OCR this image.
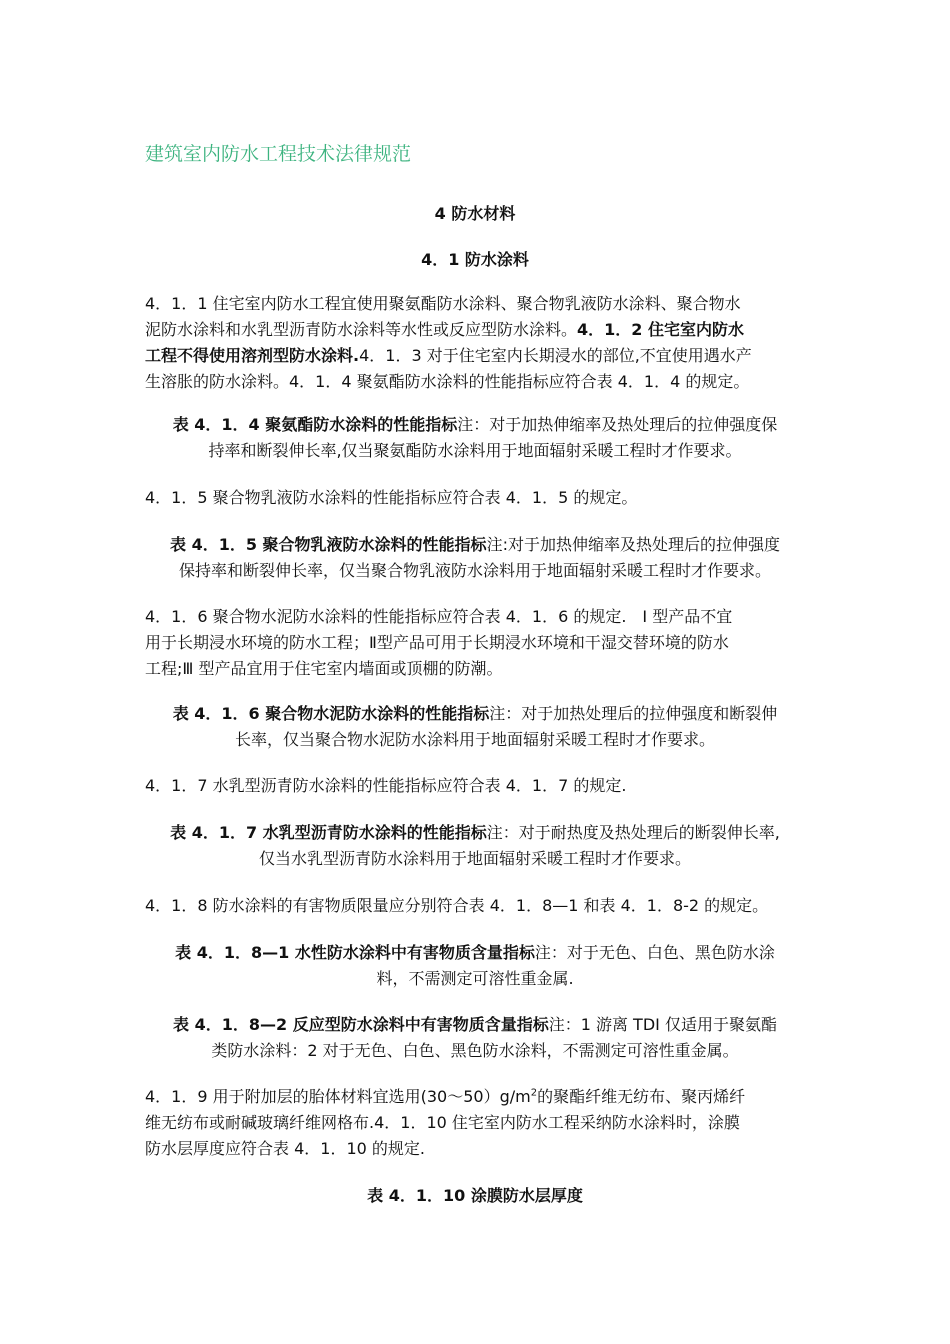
建筑室内防水工程技术法律规范
4 防水材料
4．1 防水涂料
4．1．1 住宅室内防水工程宜使用聚氨酯防水涂料、聚合物乳液防水涂料、聚合物水
泥防水涂料和水乳型沥青防水涂料等水性或反应型防水涂料。4．1．2 住宅室内防水
工程不得使用溶剂型防水涂料.4．1．3 对于住宅室内长期浸水的部位,不宜使用遇水产
生溶胀的防水涂料。4．1．4 聚氨酯防水涂料的性能指标应符合表 4．1．4 的规定。
表 4．1．4 聚氨酯防水涂料的性能指标注：对于加热伸缩率及热处理后的拉伸强度保
持率和断裂伸长率,仅当聚氨酯防水涂料用于地面辐射采暖工程时才作要求。
4．1．5 聚合物乳液防水涂料的性能指标应符合表 4．1．5 的规定。
表 4．1．5 聚合物乳液防水涂料的性能指标注:对于加热伸缩率及热处理后的拉伸强度
保持率和断裂伸长率，仅当聚合物乳液防水涂料用于地面辐射采暖工程时才作要求。
4．1．6 聚合物水泥防水涂料的性能指标应符合表 4．1．6 的规定.　Ⅰ 型产品不宜
用于长期浸水环境的防水工程；Ⅱ型产品可用于长期浸水环境和干湿交替环境的防水
工程;Ⅲ 型产品宜用于住宅室内墙面或顶棚的防潮。
表 4．1．6 聚合物水泥防水涂料的性能指标注：对于加热处理后的拉伸强度和断裂伸
长率，仅当聚合物水泥防水涂料用于地面辐射采暖工程时才作要求。
4．1．7 水乳型沥青防水涂料的性能指标应符合表 4．1．7 的规定.
表 4．1．7 水乳型沥青防水涂料的性能指标注：对于耐热度及热处理后的断裂伸长率,
仅当水乳型沥青防水涂料用于地面辐射采暖工程时才作要求。
4．1．8 防水涂料的有害物质限量应分别符合表 4．1．8—1 和表 4．1．8-2 的规定。
表 4．1．8—1 水性防水涂料中有害物质含量指标注：对于无色、白色、黑色防水涂
料，不需测定可溶性重金属.
表 4．1．8—2 反应型防水涂料中有害物质含量指标注：1 游离 TDI 仅适用于聚氨酯
类防水涂料：2 对于无色、白色、黑色防水涂料，不需测定可溶性重金属。
4．1．9 用于附加层的胎体材料宜选用$(30\sim 50)g/m^2$的聚酯纤维无纺布、聚丙烯纤
维无纺布或耐碱玻璃纤维网格布.4．1．10 住宅室内防水工程采纳防水涂料时，涂膜
防水层厚度应符合表 4．1．10 的规定.
表 4．1．10 涂膜防水层厚度
